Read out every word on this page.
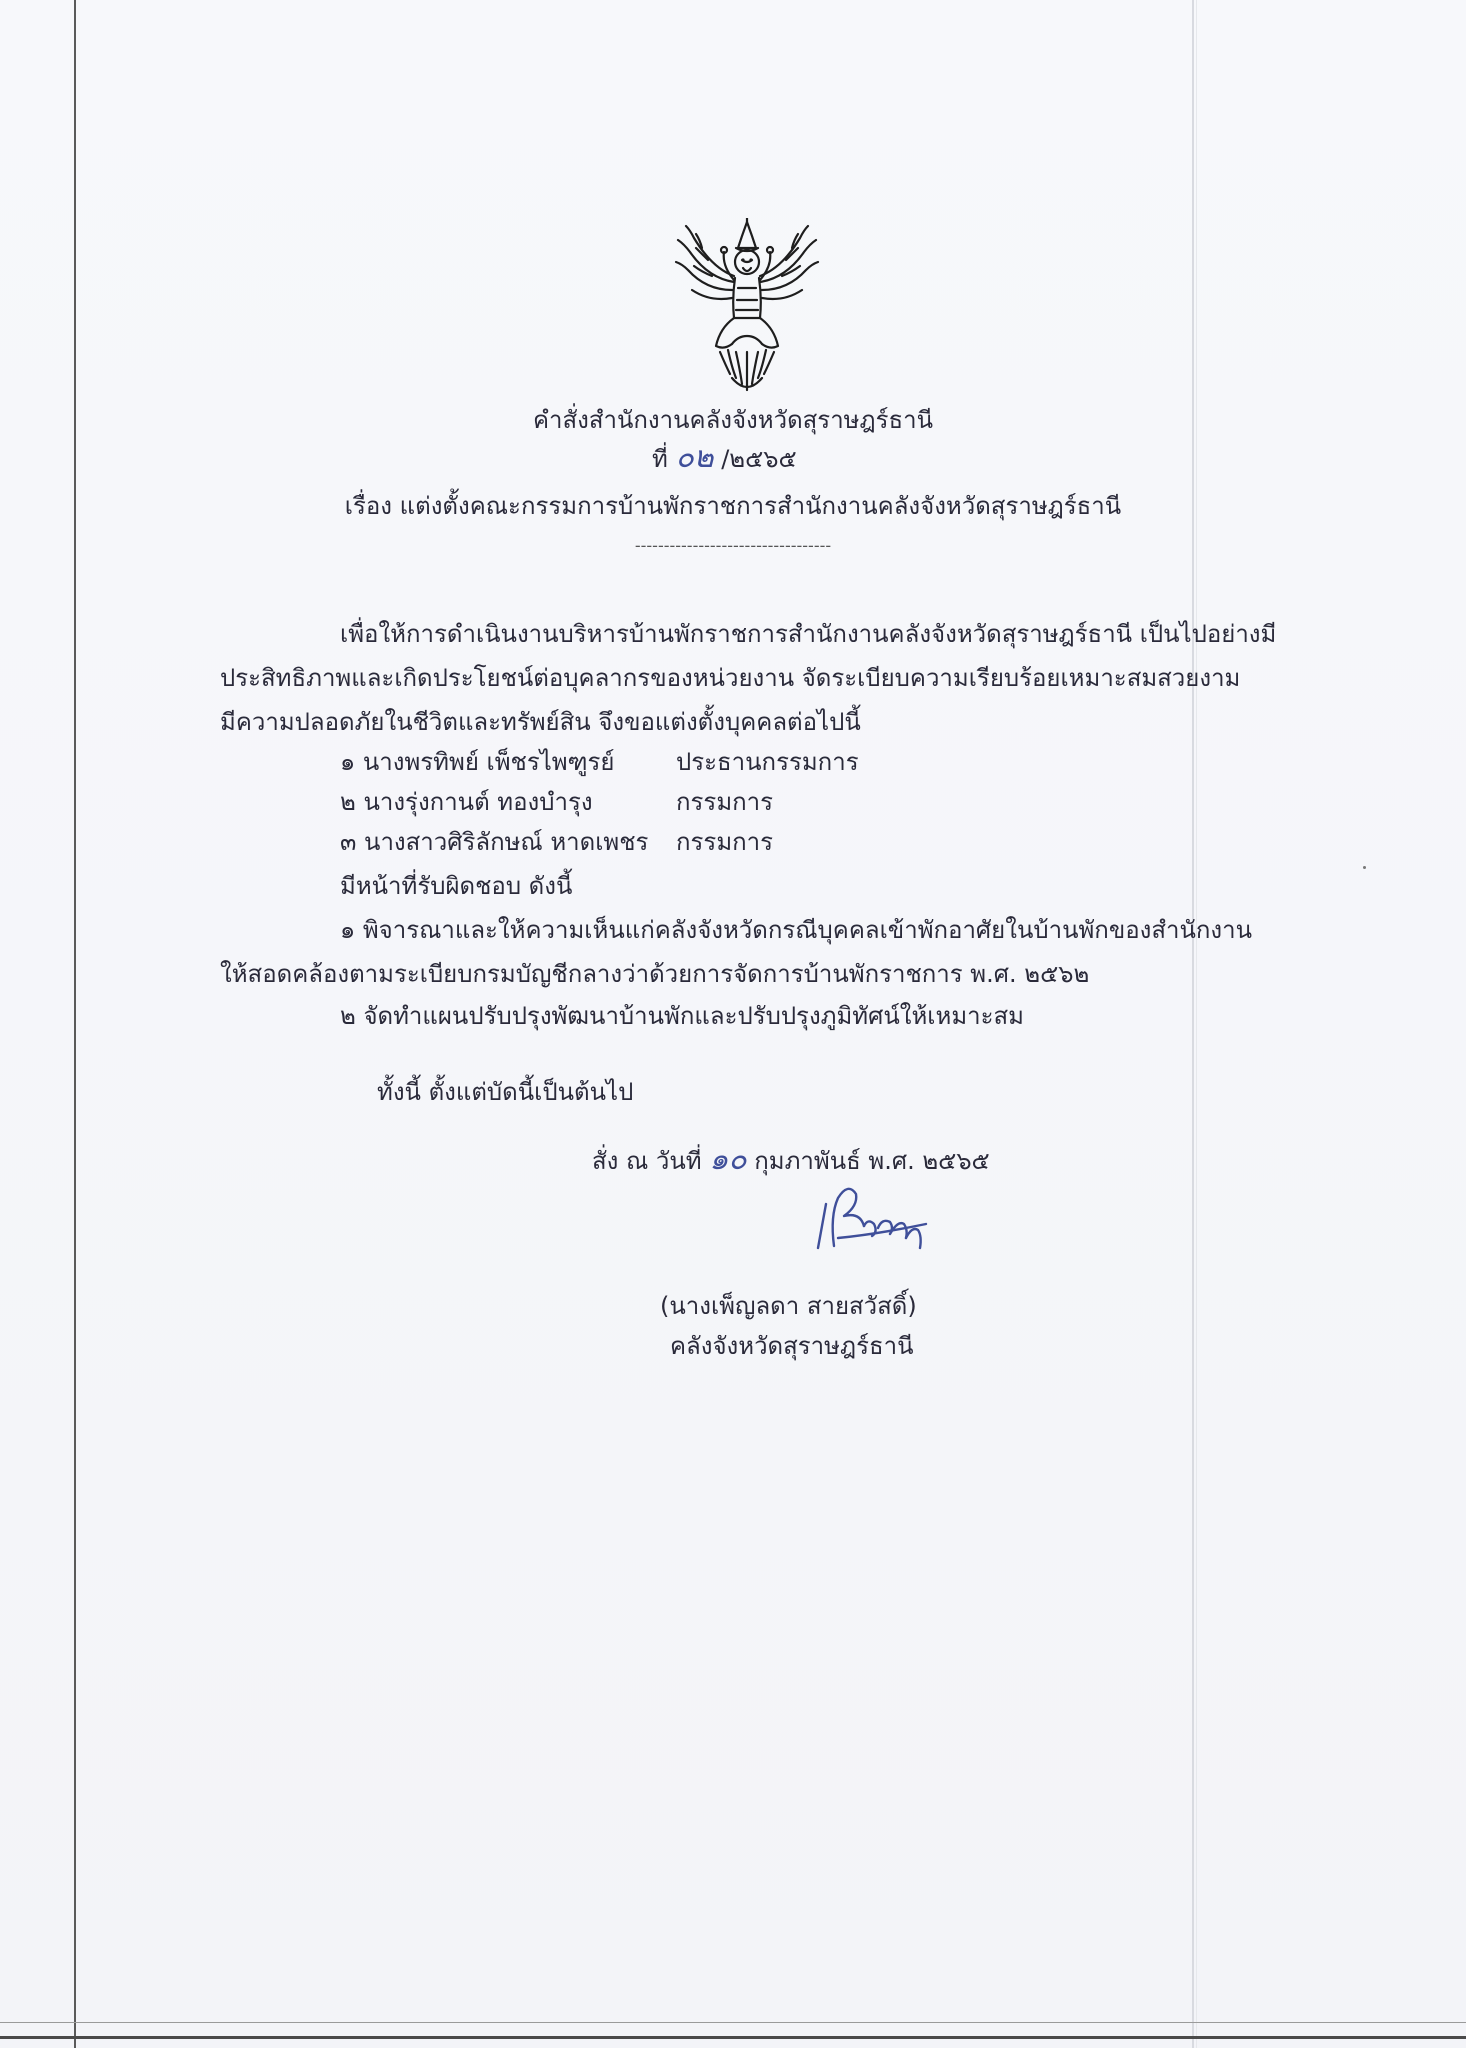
คำสั่งสำนักงานคลังจังหวัดสุราษฎร์ธานี
ที่ ๐๒ /๒๕๖๕
เรื่อง แต่งตั้งคณะกรรมการบ้านพักราชการสำนักงานคลังจังหวัดสุราษฎร์ธานี
----------------------------------
เพื่อให้การดำเนินงานบริหารบ้านพักราชการสำนักงานคลังจังหวัดสุราษฎร์ธานี เป็นไปอย่างมี
ประสิทธิภาพและเกิดประโยชน์ต่อบุคลากรของหน่วยงาน จัดระเบียบความเรียบร้อยเหมาะสมสวยงาม
มีความปลอดภัยในชีวิตและทรัพย์สิน จึงขอแต่งตั้งบุคคลต่อไปนี้
๑ นางพรทิพย์ เพ็ชรไพฑูรย์	ประธานกรรมการ
๒ นางรุ่งกานต์ ทองบำรุง	กรรมการ
๓ นางสาวศิริลักษณ์ หาดเพชร กรรมการ
มีหน้าที่รับผิดชอบ ดังนี้
๑ พิจารณาและให้ความเห็นแก่คลังจังหวัดกรณีบุคคลเข้าพักอาศัยในบ้านพักของสำนักงาน
ให้สอดคล้องตามระเบียบกรมบัญชีกลางว่าด้วยการจัดการบ้านพักราชการ พ.ศ. ๒๕๖๒
๒ จัดทำแผนปรับปรุงพัฒนาบ้านพักและปรับปรุงภูมิทัศน์ให้เหมาะสม
ทั้งนี้ ตั้งแต่บัดนี้เป็นต้นไป
สั่ง ณ วันที่ ๑๐ กุมภาพันธ์ พ.ศ. ๒๕๖๕
(นางเพ็ญลดา สายสวัสดิ์)
คลังจังหวัดสุราษฎร์ธานี
